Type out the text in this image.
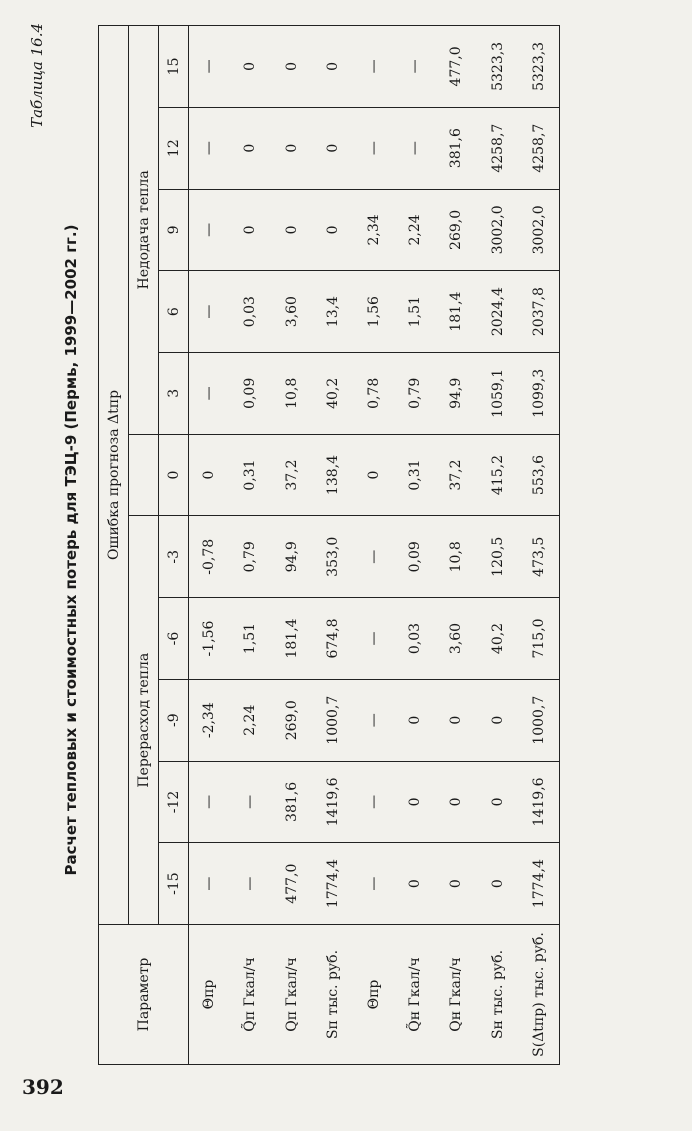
392
Таблица 16.4
Расчет тепловых и стоимостных потерь для ТЭЦ-9 (Пермь, 1999—2002 гг.)
Параметр	Ошибка прогноза Δtпр										
	Перерасход тепла						Недодача тепла				
	-15	-12	-9	-6	-3	0	3	6	9	12	15
Θпр	—	—	-2,34	-1,56	-0,78	0	—	—	—	—	—
Q̃п Гкал/ч	—	—	2,24	1,51	0,79	0,31	0,09	0,03	0	0	0
Qп Гкал/ч	477,0	381,6	269,0	181,4	94,9	37,2	10,8	3,60	0	0	0
Sп тыс. руб.	1774,4	1419,6	1000,7	674,8	353,0	138,4	40,2	13,4	0	0	0
Θпр	—	—	—	—	—	0	0,78	1,56	2,34	—	—
Q̃н Гкал/ч	0	0	0	0,03	0,09	0,31	0,79	1,51	2,24	—	—
Qн Гкал/ч	0	0	0	3,60	10,8	37,2	94,9	181,4	269,0	381,6	477,0
Sн тыс. руб.	0	0	0	40,2	120,5	415,2	1059,1	2024,4	3002,0	4258,7	5323,3
S(Δtпр) тыс. руб.	1774,4	1419,6	1000,7	715,0	473,5	553,6	1099,3	2037,8	3002,0	4258,7	5323,3
